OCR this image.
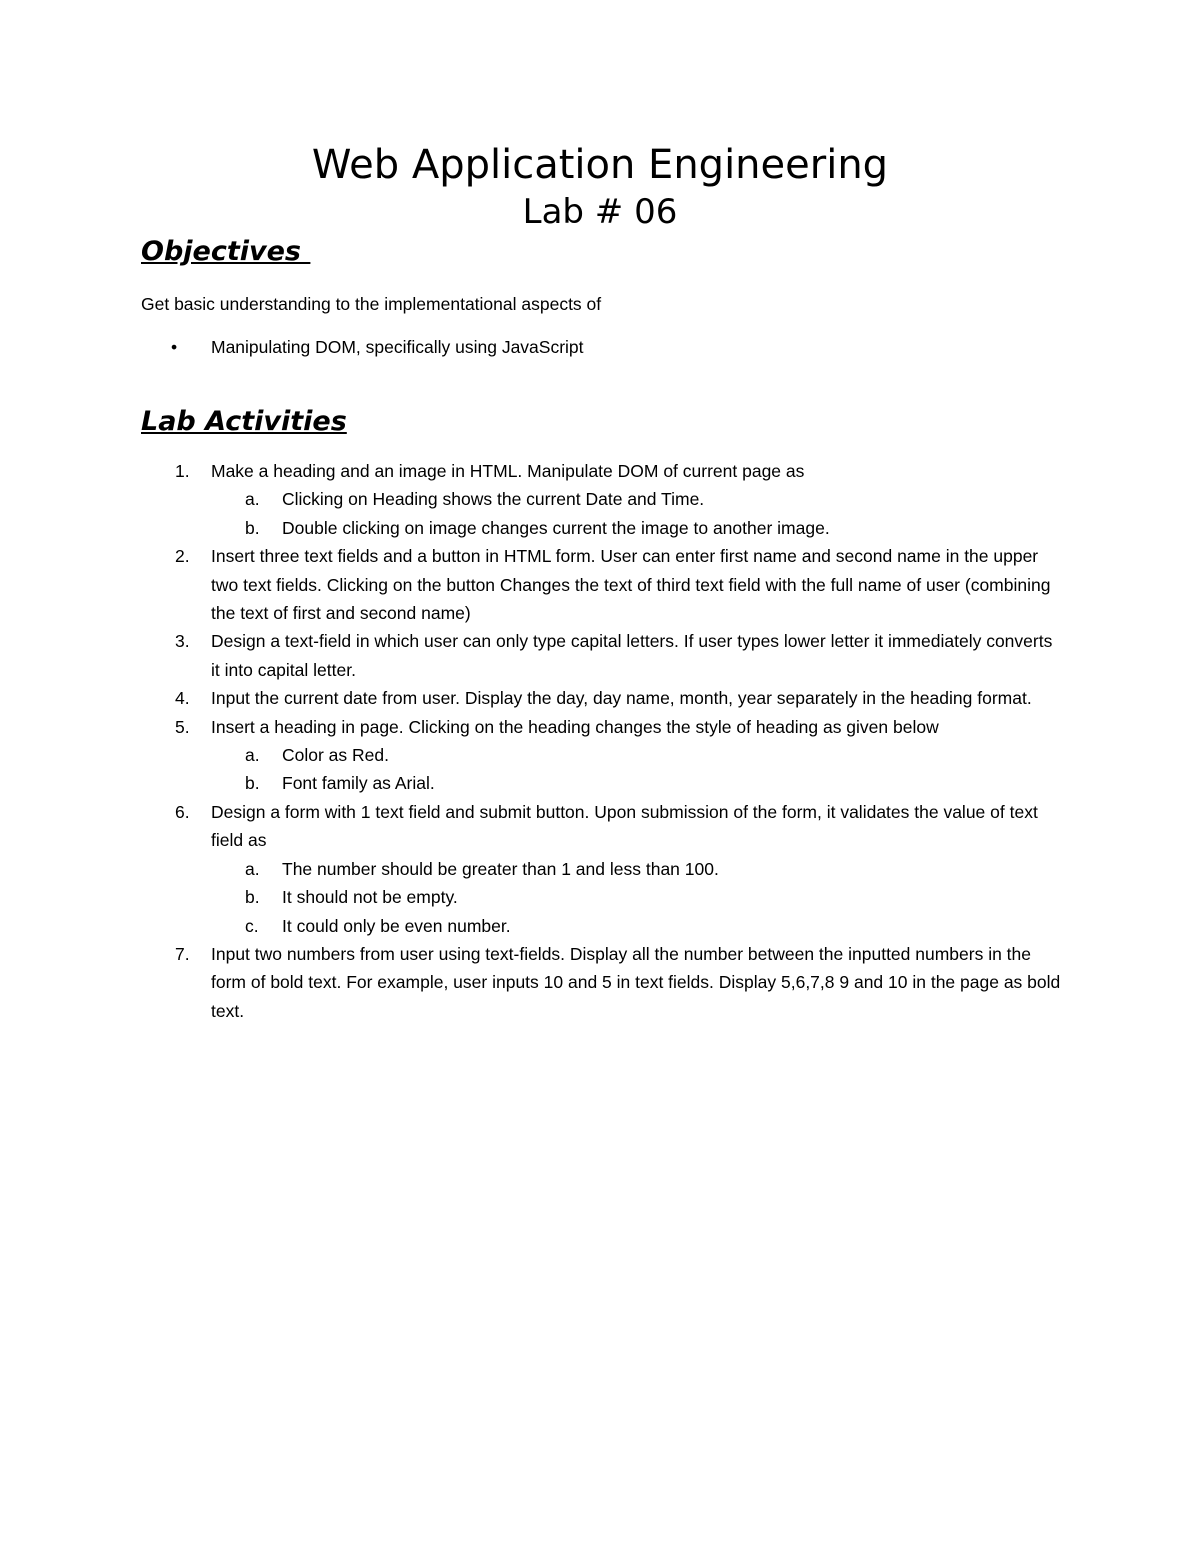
Web Application Engineering
Lab # 06
Objectives

Get basic understanding to the implementational aspects of

• Manipulating DOM, specifically using JavaScript
Lab Activities
1. Make a heading and an image in HTML. Manipulate DOM of current page as
a. Clicking on Heading shows the current Date and Time.
b. Double clicking on image changes current the image to another image.
2. Insert three text fields and a button in HTML form. User can enter first name and second name in the upper two text fields. Clicking on the button Changes the text of third text field with the full name of user (combining the text of first and second name)
3. Design a text-field in which user can only type capital letters. If user types lower letter it immediately converts it into capital letter.
4. Input the current date from user. Display the day, day name, month, year separately in the heading format.
5. Insert a heading in page. Clicking on the heading changes the style of heading as given below
a. Color as Red.
b. Font family as Arial.
6. Design a form with 1 text field and submit button. Upon submission of the form, it validates the value of text field as
a. The number should be greater than 1 and less than 100.
b. It should not be empty.
c. It could only be even number.
7. Input two numbers from user using text-fields. Display all the number between the inputted numbers in the form of bold text. For example, user inputs 10 and 5 in text fields. Display 5,6,7,8 9 and 10 in the page as bold text.
